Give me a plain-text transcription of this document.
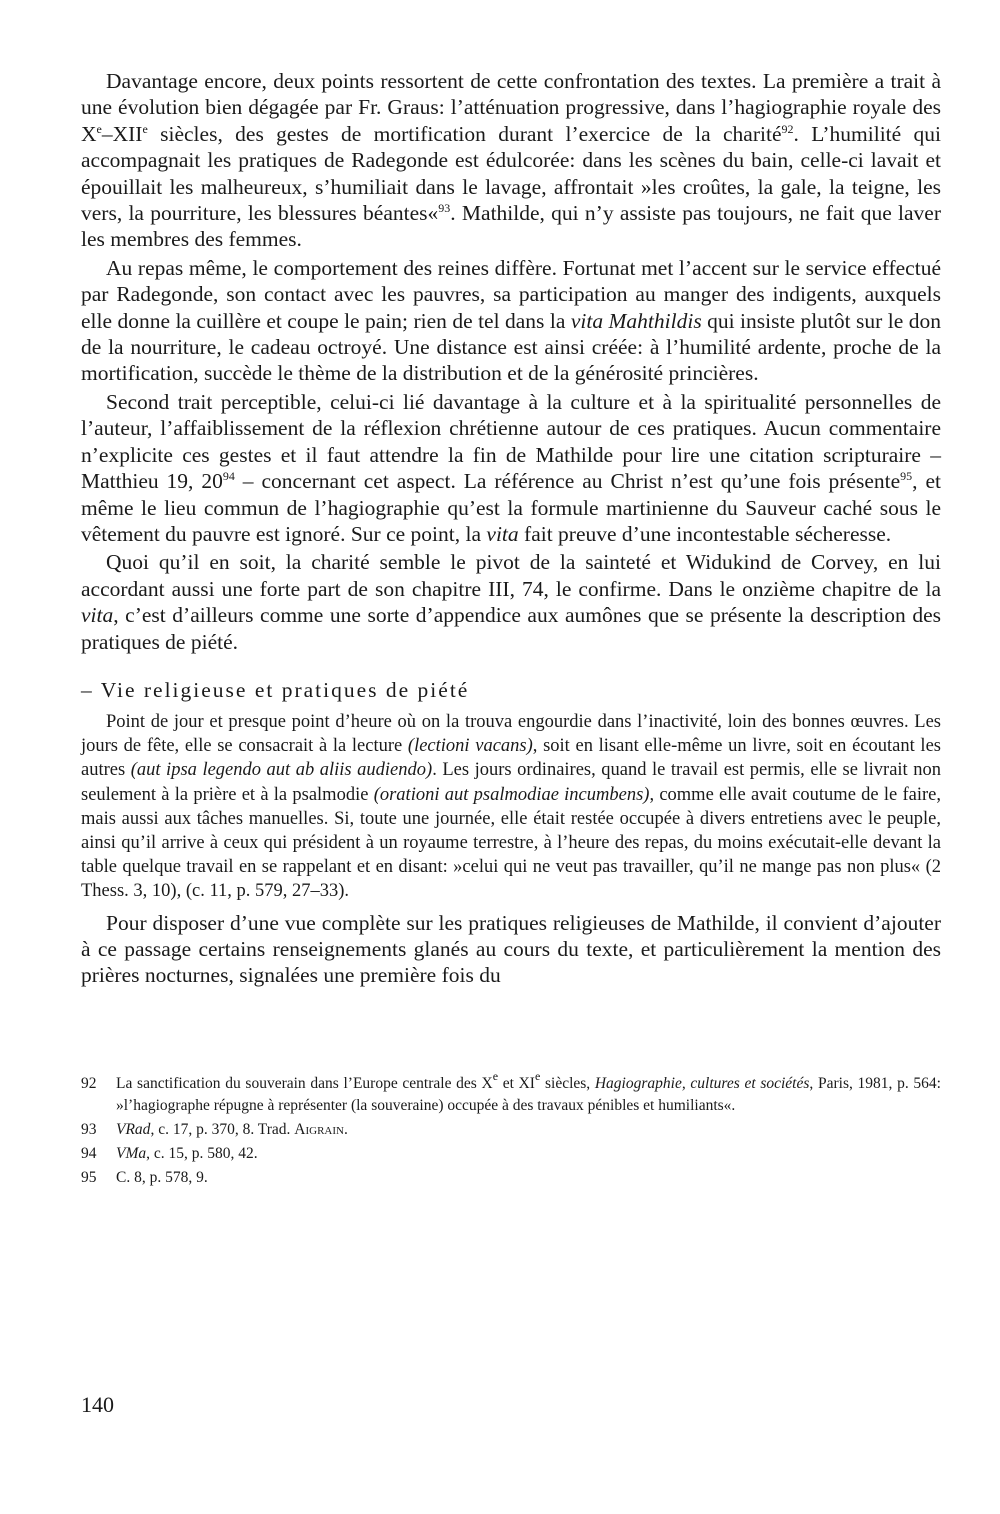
Davantage encore, deux points ressortent de cette confrontation des textes. La première a trait à une évolution bien dégagée par Fr. Graus: l’atténuation progressive, dans l’hagiographie royale des Xe–XIIe siècles, des gestes de mortification durant l’exercice de la charité$^{92}$. L’humilité qui accompagnait les pratiques de Radegonde est édulcorée: dans les scènes du bain, celle-ci lavait et épouillait les malheureux, s’humiliait dans le lavage, affrontait »les croûtes, la gale, la teigne, les vers, la pourriture, les blessures béantes«$^{93}$. Mathilde, qui n’y assiste pas toujours, ne fait que laver les membres des femmes.

Au repas même, le comportement des reines diffère. Fortunat met l’accent sur le service effectué par Radegonde, son contact avec les pauvres, sa participation au manger des indigents, auxquels elle donne la cuillère et coupe le pain; rien de tel dans la vita Mahthildis qui insiste plutôt sur le don de la nourriture, le cadeau octroyé. Une distance est ainsi créée: à l’humilité ardente, proche de la mortification, succède le thème de la distribution et de la générosité princières.

Second trait perceptible, celui-ci lié davantage à la culture et à la spiritualité personnelles de l’auteur, l’affaiblissement de la réflexion chrétienne autour de ces pratiques. Aucun commentaire n’explicite ces gestes et il faut attendre la fin de Mathilde pour lire une citation scripturaire – Matthieu 19, $20^{94}$ – concernant cet aspect. La référence au Christ n’est qu’une fois présente$^{95}$, et même le lieu commun de l’hagiographie qu’est la formule martinienne du Sauveur caché sous le vêtement du pauvre est ignoré. Sur ce point, la vita fait preuve d’une incontestable sécheresse.

Quoi qu’il en soit, la charité semble le pivot de la sainteté et Widukind de Corvey, en lui accordant aussi une forte part de son chapitre III, 74, le confirme. Dans le onzième chapitre de la vita, c’est d’ailleurs comme une sorte d’appendice aux aumônes que se présente la description des pratiques de piété.

– Vie religieuse et pratiques de piété

Point de jour et presque point d’heure où on la trouva engourdie dans l’inactivité, loin des bonnes œuvres. Les jours de fête, elle se consacrait à la lecture (lectioni vacans), soit en lisant elle-même un livre, soit en écoutant les autres (aut ipsa legendo aut ab aliis audiendo). Les jours ordinaires, quand le travail est permis, elle se livrait non seulement à la prière et à la psalmodie (orationi aut psalmodiae incumbens), comme elle avait coutume de le faire, mais aussi aux tâches manuelles. Si, toute une journée, elle était restée occupée à divers entretiens avec le peuple, ainsi qu’il arrive à ceux qui président à un royaume terrestre, à l’heure des repas, du moins exécutait-elle devant la table quelque travail en se rappelant et en disant: »celui qui ne veut pas travailler, qu’il ne mange pas non plus« (2 Thess. 3, 10), (c. 11, p. 579, 27–33).

Pour disposer d’une vue complète sur les pratiques religieuses de Mathilde, il convient d’ajouter à ce passage certains renseignements glanés au cours du texte, et particulièrement la mention des prières nocturnes, signalées une première fois du

92	La sanctification du souverain dans l’Europe centrale des Xe et XIe siècles, Hagiographie, cultures et sociétés, Paris, 1981, p. 564: »l’hagiographe répugne à représenter (la souveraine) occupée à des travaux pénibles et humiliants«.
93	VRad, c. 17, p. 370, 8. Trad. Aigrain.
94	VMa, c. 15, p. 580, 42.
95	C. 8, p. 578, 9.
140
